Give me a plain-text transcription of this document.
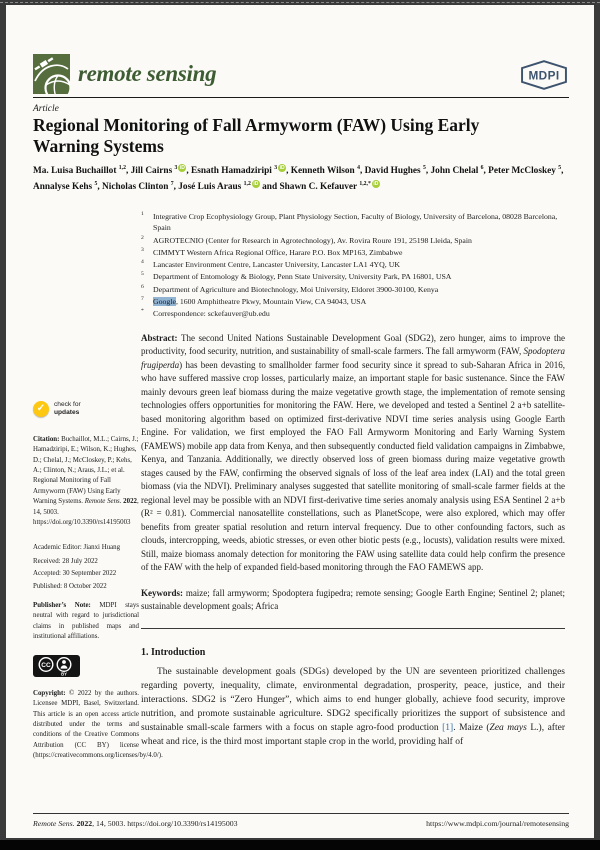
remote sensing	MDPI
Article
Regional Monitoring of Fall Armyworm (FAW) Using Early Warning Systems
Ma. Luisa Buchaillot $^{1,2}$, Jill Cairns $^3$ iD , Esnath Hamadziripi $^3$ iD , Kenneth Wilson $^4$, David Hughes $^5$, John Chelal $^6$, Peter McCloskey $^5$, Annalyse Kehs $^5$, Nicholas Clinton $^7$, José Luis Araus $^{1,2}$ iD and Shawn C. Kefauver $^{1,2,*}$ iD
1	Integrative Crop Ecophysiology Group, Plant Physiology Section, Faculty of Biology, University of Barcelona, 08028 Barcelona, Spain
2	AGROTECNIO (Center for Research in Agrotechnology), Av. Rovira Roure 191, 25198 Lleida, Spain
3	CIMMYT Western Africa Regional Office, Harare P.O. Box MP163, Zimbabwe
4	Lancaster Environment Centre, Lancaster University, Lancaster LA1 4YQ, UK
5	Department of Entomology & Biology, Penn State University, University Park, PA 16801, USA
6	Department of Agriculture and Biotechnology, Moi University, Eldoret 3900-30100, Kenya
7	Google, 1600 Amphitheatre Pkwy, Mountain View, CA 94043, USA
*	Correspondence: sckefauver@ub.edu

Abstract: The second United Nations Sustainable Development Goal (SDG2), zero hunger, aims to improve the productivity, food security, nutrition, and sustainability of small-scale farmers. The fall armyworm (FAW, Spodoptera frugiperda) has been devasting to smallholder farmer food security since it spread to sub-Saharan Africa in 2016, who have suffered massive crop losses, particularly maize, an important staple for basic sustenance. Since the FAW mainly devours green leaf biomass during the maize vegetative growth stage, the implementation of remote sensing technologies offers opportunities for monitoring the FAW. Here, we developed and tested a Sentinel 2 a+b satellite-based monitoring algorithm based on optimized first-derivative NDVI time series analysis using Google Earth Engine. For validation, we first employed the FAO Fall Armyworm Monitoring and Early Warning System (FAMEWS) mobile app data from Kenya, and then subsequently conducted field validation campaigns in Zimbabwe, Kenya, and Tanzania. Additionally, we directly observed loss of green biomass during maize vegetative growth stages caused by the FAW, confirming the observed signals of loss of the leaf area index (LAI) and the total green biomass (via the NDVI). Preliminary analyses suggested that satellite monitoring of small-scale farmer fields at the regional level may be possible with an NDVI first-derivative time series anomaly analysis using ESA Sentinel 2 a+b (R² = 0.81). Commercial nanosatellite constellations, such as PlanetScope, were also explored, which may offer benefits from greater spatial resolution and return interval frequency. Due to other confounding factors, such as clouds, intercropping, weeds, abiotic stresses, or even other biotic pests (e.g., locusts), validation results were mixed. Still, maize biomass anomaly detection for monitoring the FAW using satellite data could help confirm the presence of the FAW with the help of expanded field-based monitoring through the FAO FAMEWS app.

Keywords: maize; fall armyworm; Spodoptera fugipedra; remote sensing; Google Earth Engine; Sentinel 2; planet; sustainable development goals; Africa

1. Introduction

The sustainable development goals (SDGs) developed by the UN are seventeen prioritized challenges regarding poverty, inequality, climate, environmental degradation, prosperity, peace, justice, and their interactions. SDG2 is “Zero Hunger”, which aims to end hunger globally, achieve food security, improve nutrition, and promote sustainable agriculture. SDG2 specifically prioritizes the support of subsistence and sustainable small-scale farmers with a focus on staple agro-food production [1]. Maize (Zea mays L.), after wheat and rice, is the third most important staple crop in the world, providing half of

✓	check for
updates

Citation: Buchaillot, M.L.; Cairns, J.; Hamadziripi, E.; Wilson, K.; Hughes, D.; Chelal, J.; McCloskey, P.; Kehs, A.; Clinton, N.; Araus, J.L.; et al. Regional Monitoring of Fall Armyworm (FAW) Using Early Warning Systems. Remote Sens. 2022, 14, 5003. https://doi.org/10.3390/rs14195003

Academic Editor: Jianxi Huang

Received: 28 July 2022
Accepted: 30 September 2022
Published: 8 October 2022

Publisher’s Note: MDPI stays neutral with regard to jurisdictional claims in published maps and institutional affiliations.

CC
BY

Copyright: © 2022 by the authors. Licensee MDPI, Basel, Switzerland. This article is an open access article distributed under the terms and conditions of the Creative Commons Attribution (CC BY) license (https://creativecommons.org/licenses/by/4.0/).

Remote Sens. 2022, 14, 5003. https://doi.org/10.3390/rs14195003	https://www.mdpi.com/journal/remotesensing
